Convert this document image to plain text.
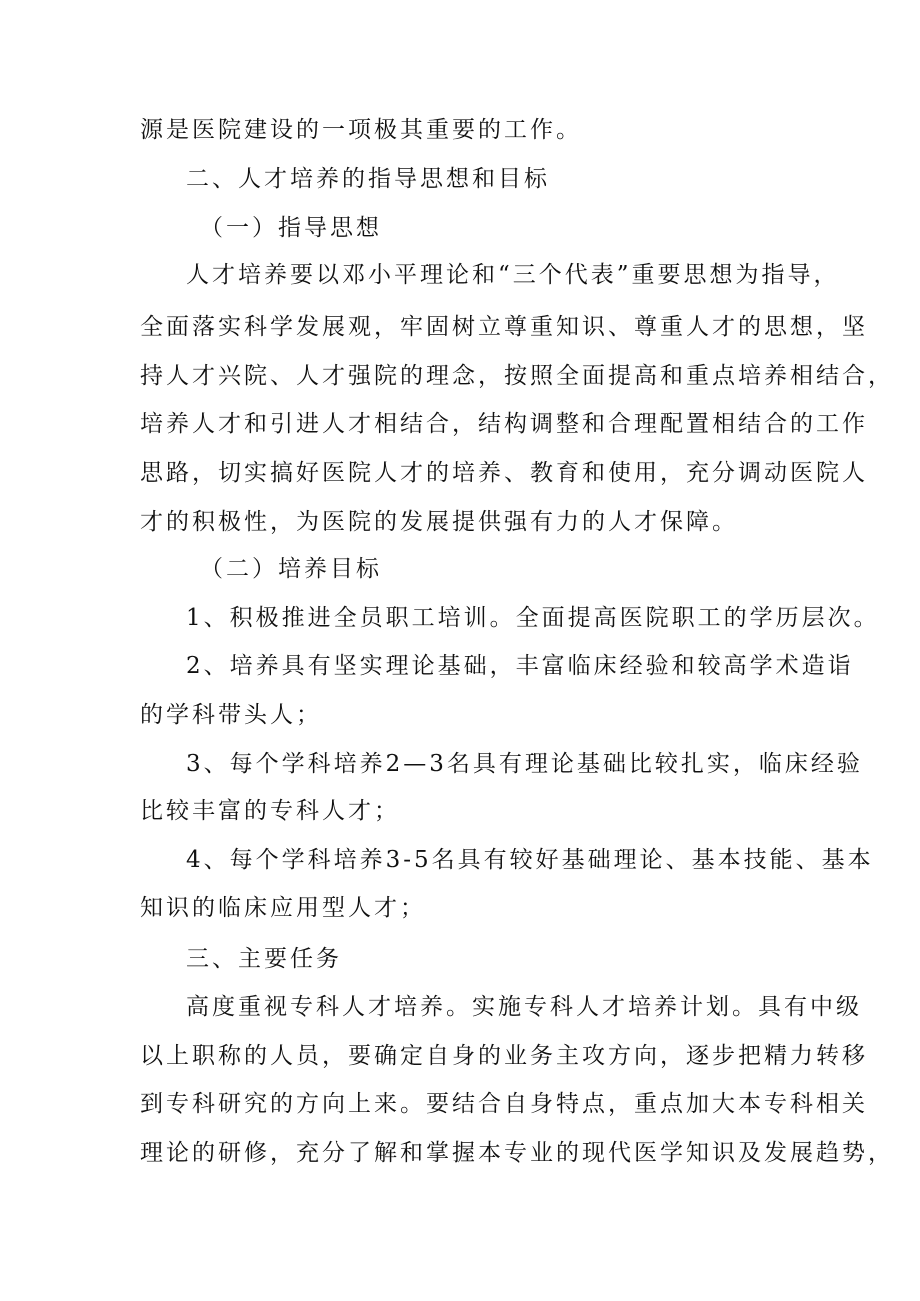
源是医院建设的一项极其重要的工作。
二、人才培养的指导思想和目标
（一）指导思想
人才培养要以邓小平理论和“三个代表”重要思想为指导，
全面落实科学发展观，牢固树立尊重知识、尊重人才的思想，坚
持人才兴院、人才强院的理念，按照全面提高和重点培养相结合，
培养人才和引进人才相结合，结构调整和合理配置相结合的工作
思路，切实搞好医院人才的培养、教育和使用，充分调动医院人
才的积极性，为医院的发展提供强有力的人才保障。
（二）培养目标
1、积极推进全员职工培训。全面提高医院职工的学历层次。
2、培养具有坚实理论基础，丰富临床经验和较高学术造诣
的学科带头人；
3、每个学科培养2—3名具有理论基础比较扎实，临床经验
比较丰富的专科人才；
4、每个学科培养3-5名具有较好基础理论、基本技能、基本
知识的临床应用型人才；
三、主要任务
高度重视专科人才培养。实施专科人才培养计划。具有中级
以上职称的人员，要确定自身的业务主攻方向，逐步把精力转移
到专科研究的方向上来。要结合自身特点，重点加大本专科相关
理论的研修，充分了解和掌握本专业的现代医学知识及发展趋势，
